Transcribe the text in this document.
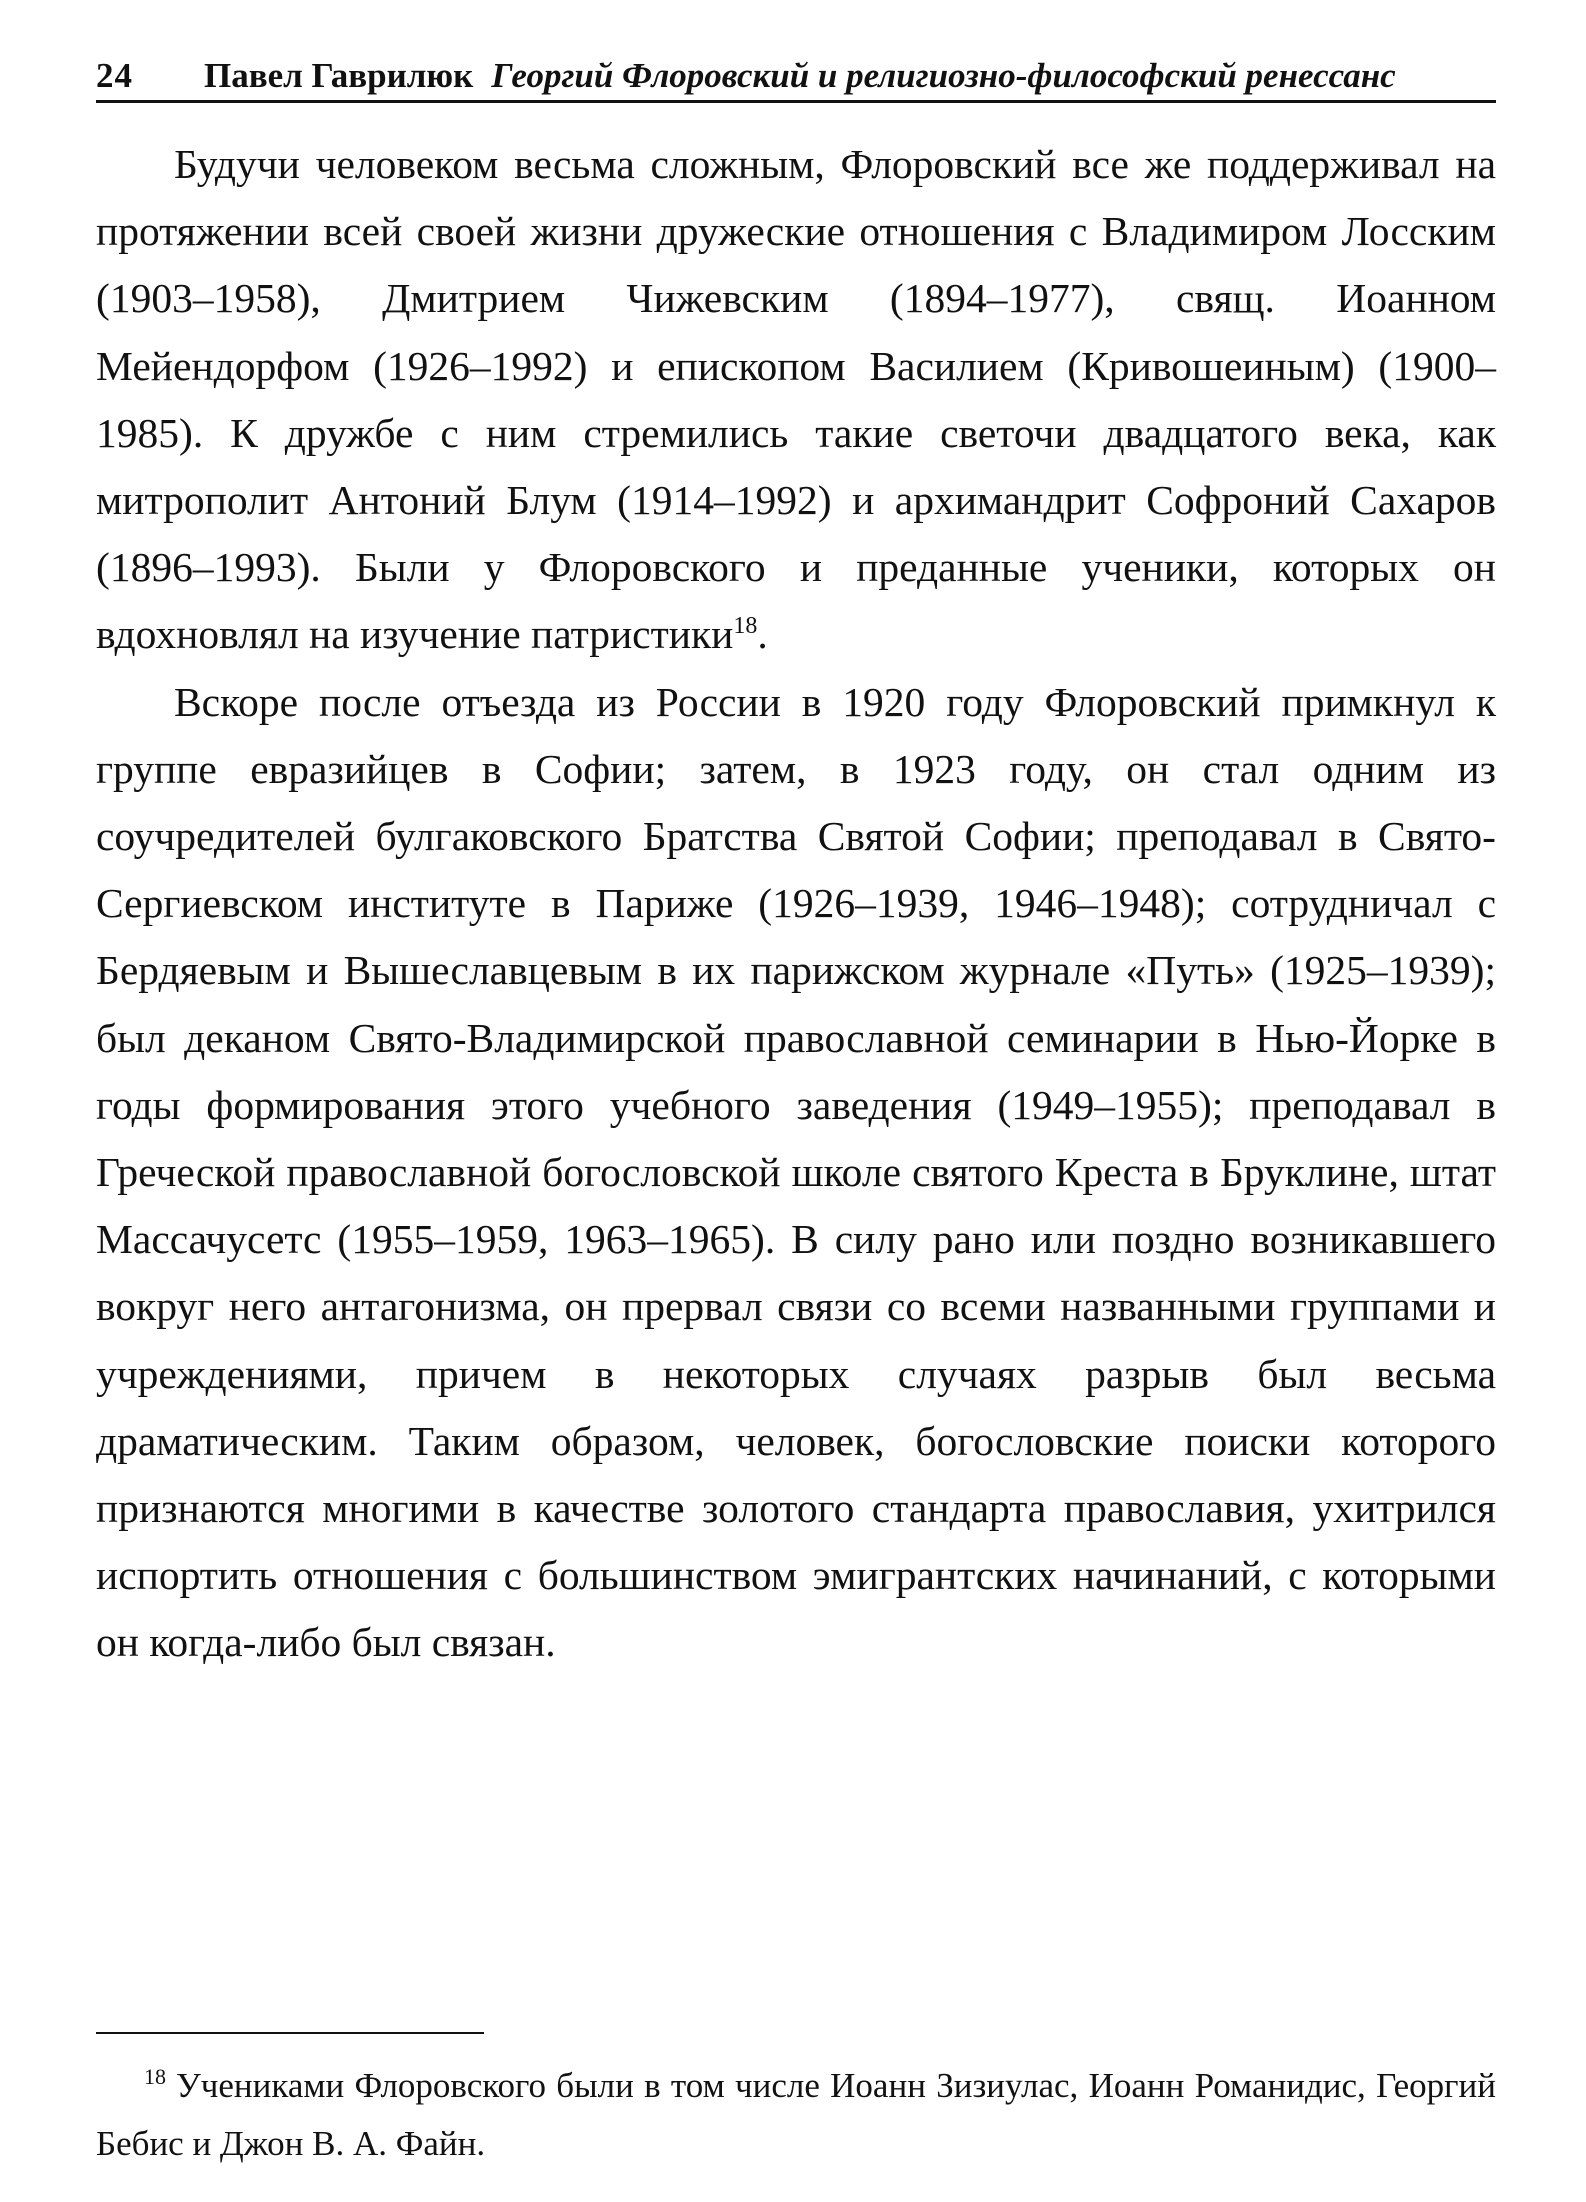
24	Павел Гаврилюк Георгий Флоровский и религиозно-философский ренессанс

Будучи человеком весьма сложным, Флоровский все же поддерживал на протяжении всей своей жизни дружеские отношения с Владимиром Лосским (1903–1958), Дмитрием Чижевским (1894–1977), свящ. Иоанном Мейендорфом (1926–1992) и епископом Василием (Кривошеиным) (1900–1985). К дружбе с ним стремились такие светочи двадцатого века, как митрополит Антоний Блум (1914–1992) и архимандрит Софроний Сахаров (1896–1993). Были у Флоровского и преданные ученики, которых он вдохновлял на изучение патристики$^{18}$.

Вскоре после отъезда из России в 1920 году Флоровский примкнул к группе евразийцев в Софии; затем, в 1923 году, он стал одним из соучредителей булгаковского Братства Святой Софии; преподавал в Свято-Сергиевском институте в Париже (1926–1939, 1946–1948); сотрудничал с Бердяевым и Вышеславцевым в их парижском журнале «Путь» (1925–1939); был деканом Свято-Владимирской православной семинарии в Нью-Йорке в годы формирования этого учебного заведения (1949–1955); преподавал в Греческой православной богословской школе святого Креста в Бруклине, штат Массачусетс (1955–1959, 1963–1965). В силу рано или поздно возникавшего вокруг него антагонизма, он прервал связи со всеми названными группами и учреждениями, причем в некоторых случаях разрыв был весьма драматическим. Таким образом, человек, богословские поиски которого признаются многими в качестве золотого стандарта православия, ухитрился испортить отношения с большинством эмигрантских начинаний, с которыми он когда-либо был связан.

$^{18}$ Учениками Флоровского были в том числе Иоанн Зизиулас, Иоанн Романидис, Георгий Бебис и Джон В. А. Файн.
